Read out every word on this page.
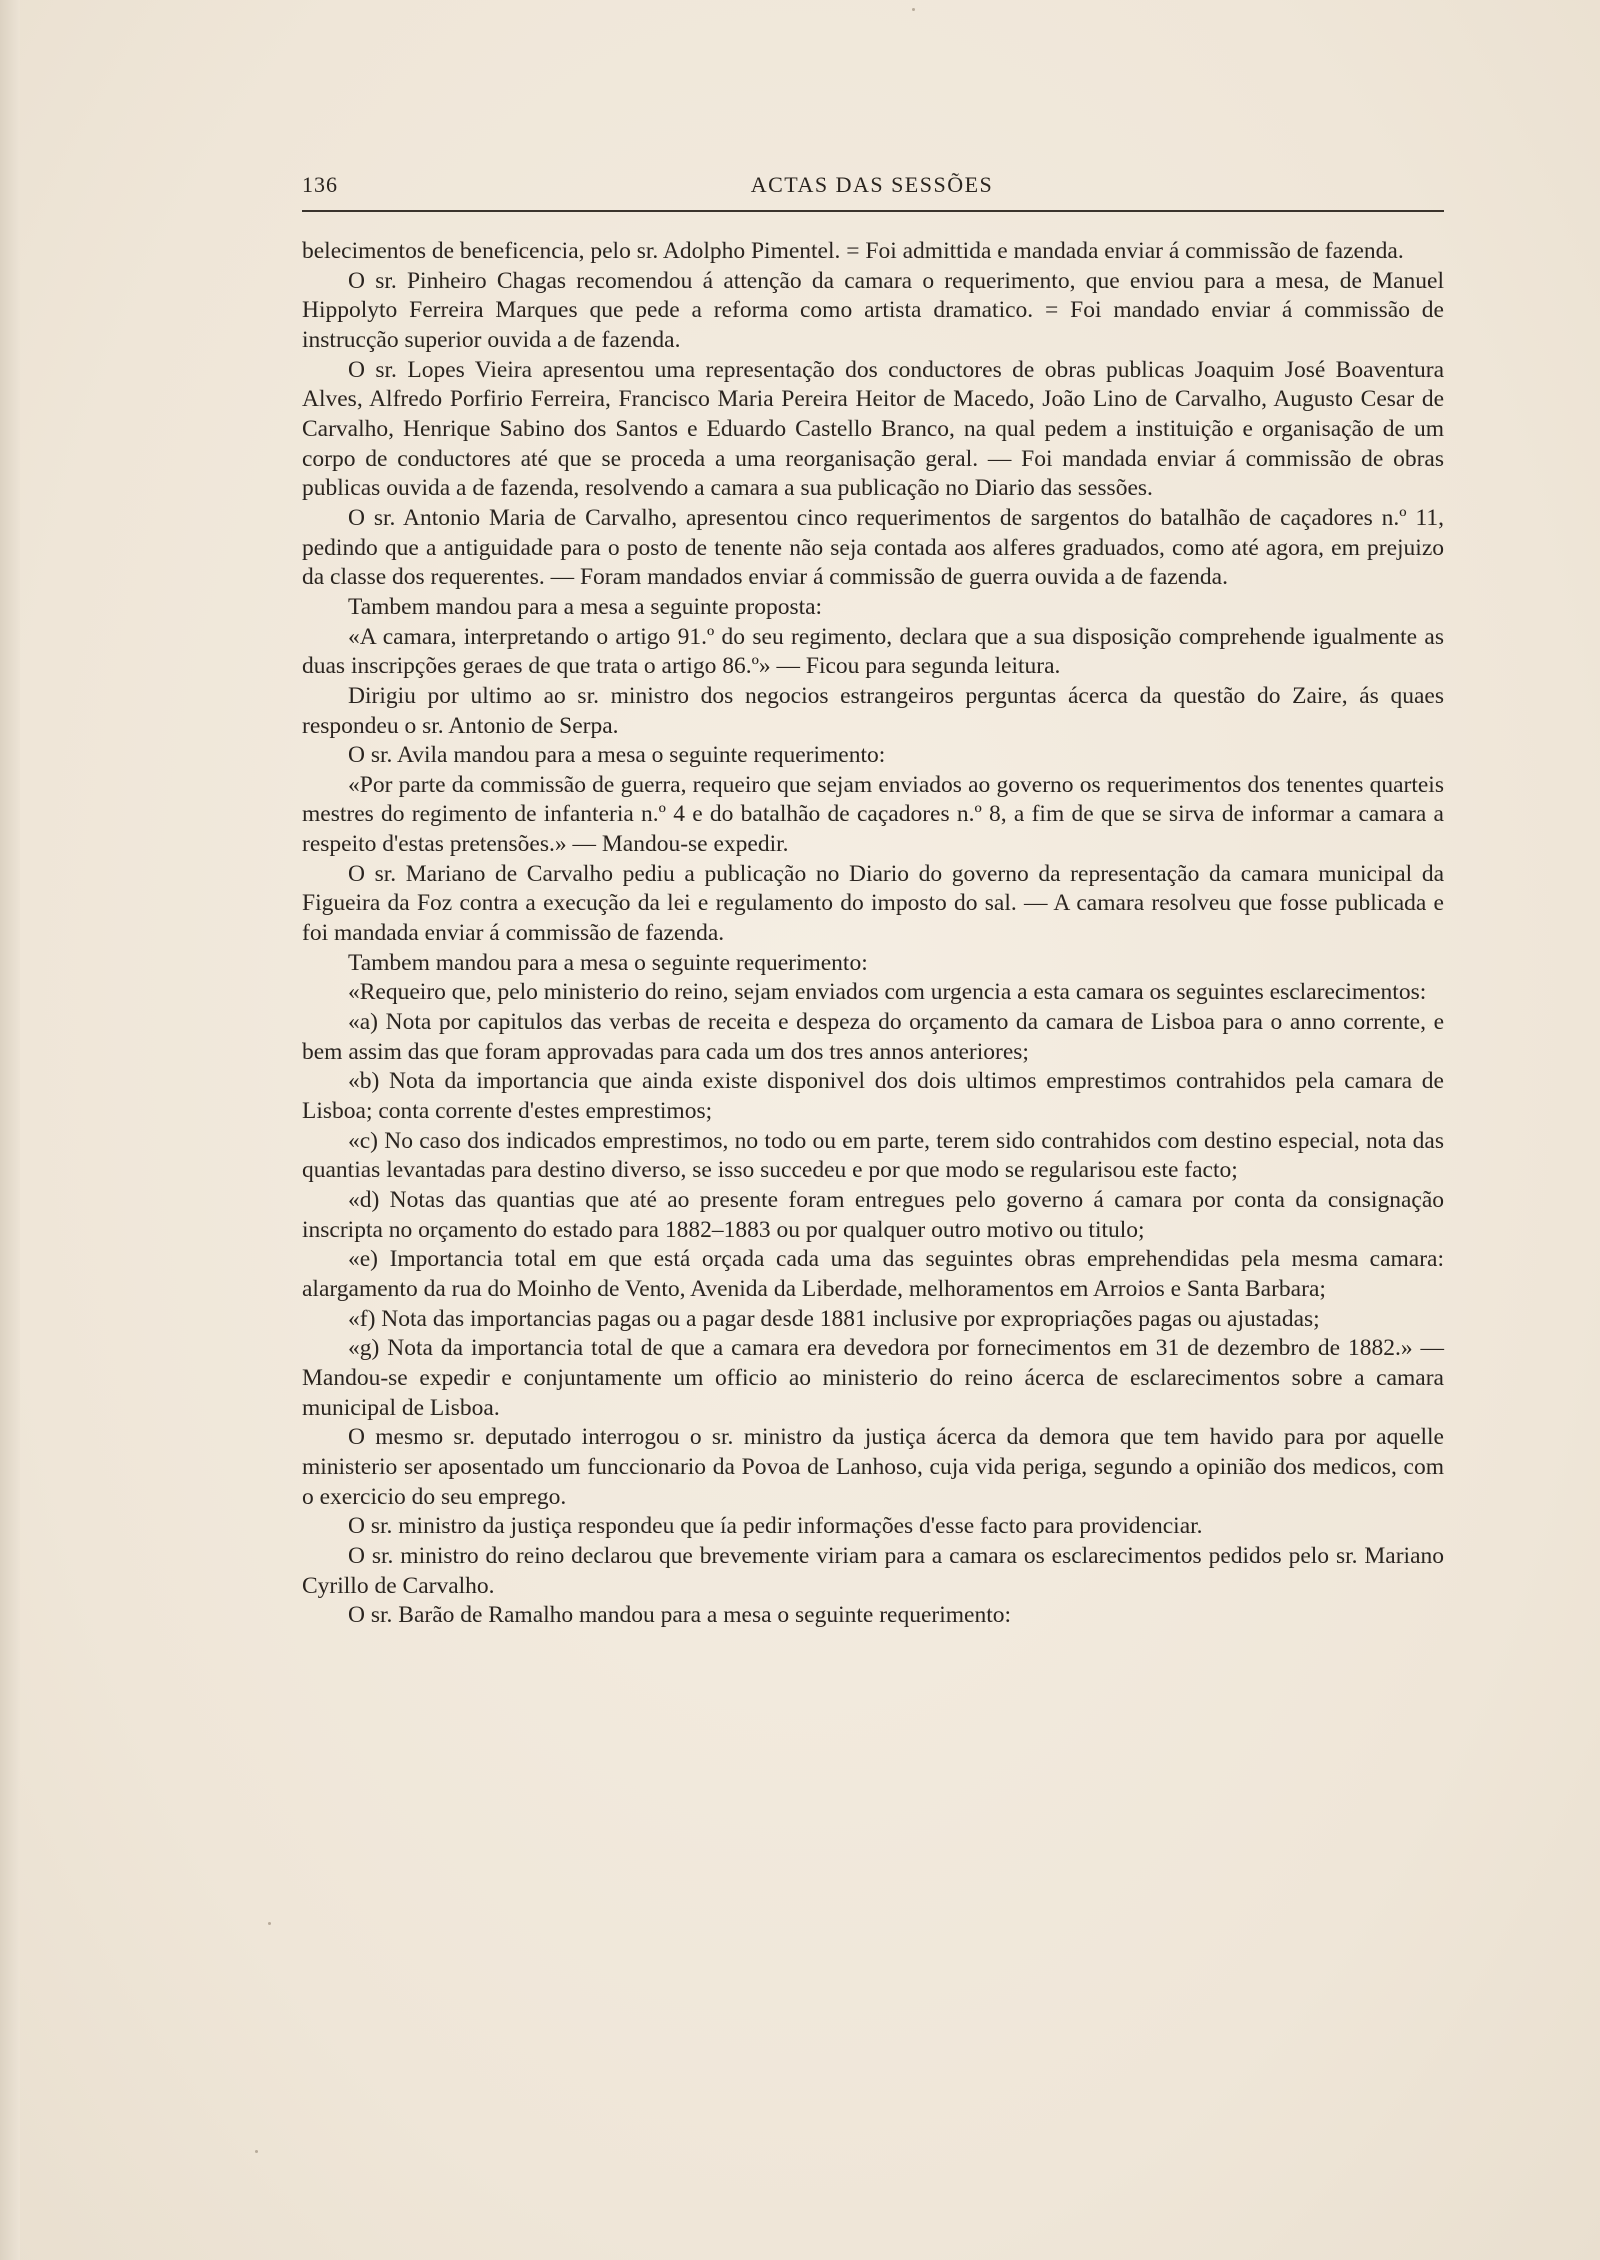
136	ACTAS DAS SESSÕES

belecimentos de beneficencia, pelo sr. Adolpho Pimentel. = Foi admittida e mandada enviar á commissão de fazenda.

O sr. Pinheiro Chagas recomendou á attenção da camara o requerimento, que enviou para a mesa, de Manuel Hippolyto Ferreira Marques que pede a reforma como artista dramatico. = Foi mandado enviar á commissão de instrucção superior ouvida a de fazenda.

O sr. Lopes Vieira apresentou uma representação dos conductores de obras publicas Joaquim José Boaventura Alves, Alfredo Porfirio Ferreira, Francisco Maria Pereira Heitor de Macedo, João Lino de Carvalho, Augusto Cesar de Carvalho, Henrique Sabino dos Santos e Eduardo Castello Branco, na qual pedem a instituição e organisação de um corpo de conductores até que se proceda a uma reorganisação geral. — Foi mandada enviar á commissão de obras publicas ouvida a de fazenda, resolvendo a camara a sua publicação no Diario das sessões.

O sr. Antonio Maria de Carvalho, apresentou cinco requerimentos de sargentos do batalhão de caçadores n.º 11, pedindo que a antiguidade para o posto de tenente não seja contada aos alferes graduados, como até agora, em prejuizo da classe dos requerentes. — Foram mandados enviar á commissão de guerra ouvida a de fazenda.

Tambem mandou para a mesa a seguinte proposta:

«A camara, interpretando o artigo 91.º do seu regimento, declara que a sua disposição comprehende igualmente as duas inscripções geraes de que trata o artigo 86.º» — Ficou para segunda leitura.

Dirigiu por ultimo ao sr. ministro dos negocios estrangeiros perguntas ácerca da questão do Zaire, ás quaes respondeu o sr. Antonio de Serpa.

O sr. Avila mandou para a mesa o seguinte requerimento:

«Por parte da commissão de guerra, requeiro que sejam enviados ao governo os requerimentos dos tenentes quarteis mestres do regimento de infanteria n.º 4 e do batalhão de caçadores n.º 8, a fim de que se sirva de informar a camara a respeito d'estas pretensões.» — Mandou-se expedir.

O sr. Mariano de Carvalho pediu a publicação no Diario do governo da representação da camara municipal da Figueira da Foz contra a execução da lei e regulamento do imposto do sal. — A camara resolveu que fosse publicada e foi mandada enviar á commissão de fazenda.

Tambem mandou para a mesa o seguinte requerimento:

«Requeiro que, pelo ministerio do reino, sejam enviados com urgencia a esta camara os seguintes esclarecimentos:

«a) Nota por capitulos das verbas de receita e despeza do orçamento da camara de Lisboa para o anno corrente, e bem assim das que foram approvadas para cada um dos tres annos anteriores;

«b) Nota da importancia que ainda existe disponivel dos dois ultimos emprestimos contrahidos pela camara de Lisboa; conta corrente d'estes emprestimos;

«c) No caso dos indicados emprestimos, no todo ou em parte, terem sido contrahidos com destino especial, nota das quantias levantadas para destino diverso, se isso succedeu e por que modo se regularisou este facto;

«d) Notas das quantias que até ao presente foram entregues pelo governo á camara por conta da consignação inscripta no orçamento do estado para 1882–1883 ou por qualquer outro motivo ou titulo;

«e) Importancia total em que está orçada cada uma das seguintes obras emprehendidas pela mesma camara: alargamento da rua do Moinho de Vento, Avenida da Liberdade, melhoramentos em Arroios e Santa Barbara;

«f) Nota das importancias pagas ou a pagar desde 1881 inclusive por expropriações pagas ou ajustadas;

«g) Nota da importancia total de que a camara era devedora por fornecimentos em 31 de dezembro de 1882.» — Mandou-se expedir e conjuntamente um officio ao ministerio do reino ácerca de esclarecimentos sobre a camara municipal de Lisboa.

O mesmo sr. deputado interrogou o sr. ministro da justiça ácerca da demora que tem havido para por aquelle ministerio ser aposentado um funccionario da Povoa de Lanhoso, cuja vida periga, segundo a opinião dos medicos, com o exercicio do seu emprego.

O sr. ministro da justiça respondeu que ía pedir informações d'esse facto para providenciar.

O sr. ministro do reino declarou que brevemente viriam para a camara os esclarecimentos pedidos pelo sr. Mariano Cyrillo de Carvalho.

O sr. Barão de Ramalho mandou para a mesa o seguinte requerimento:
